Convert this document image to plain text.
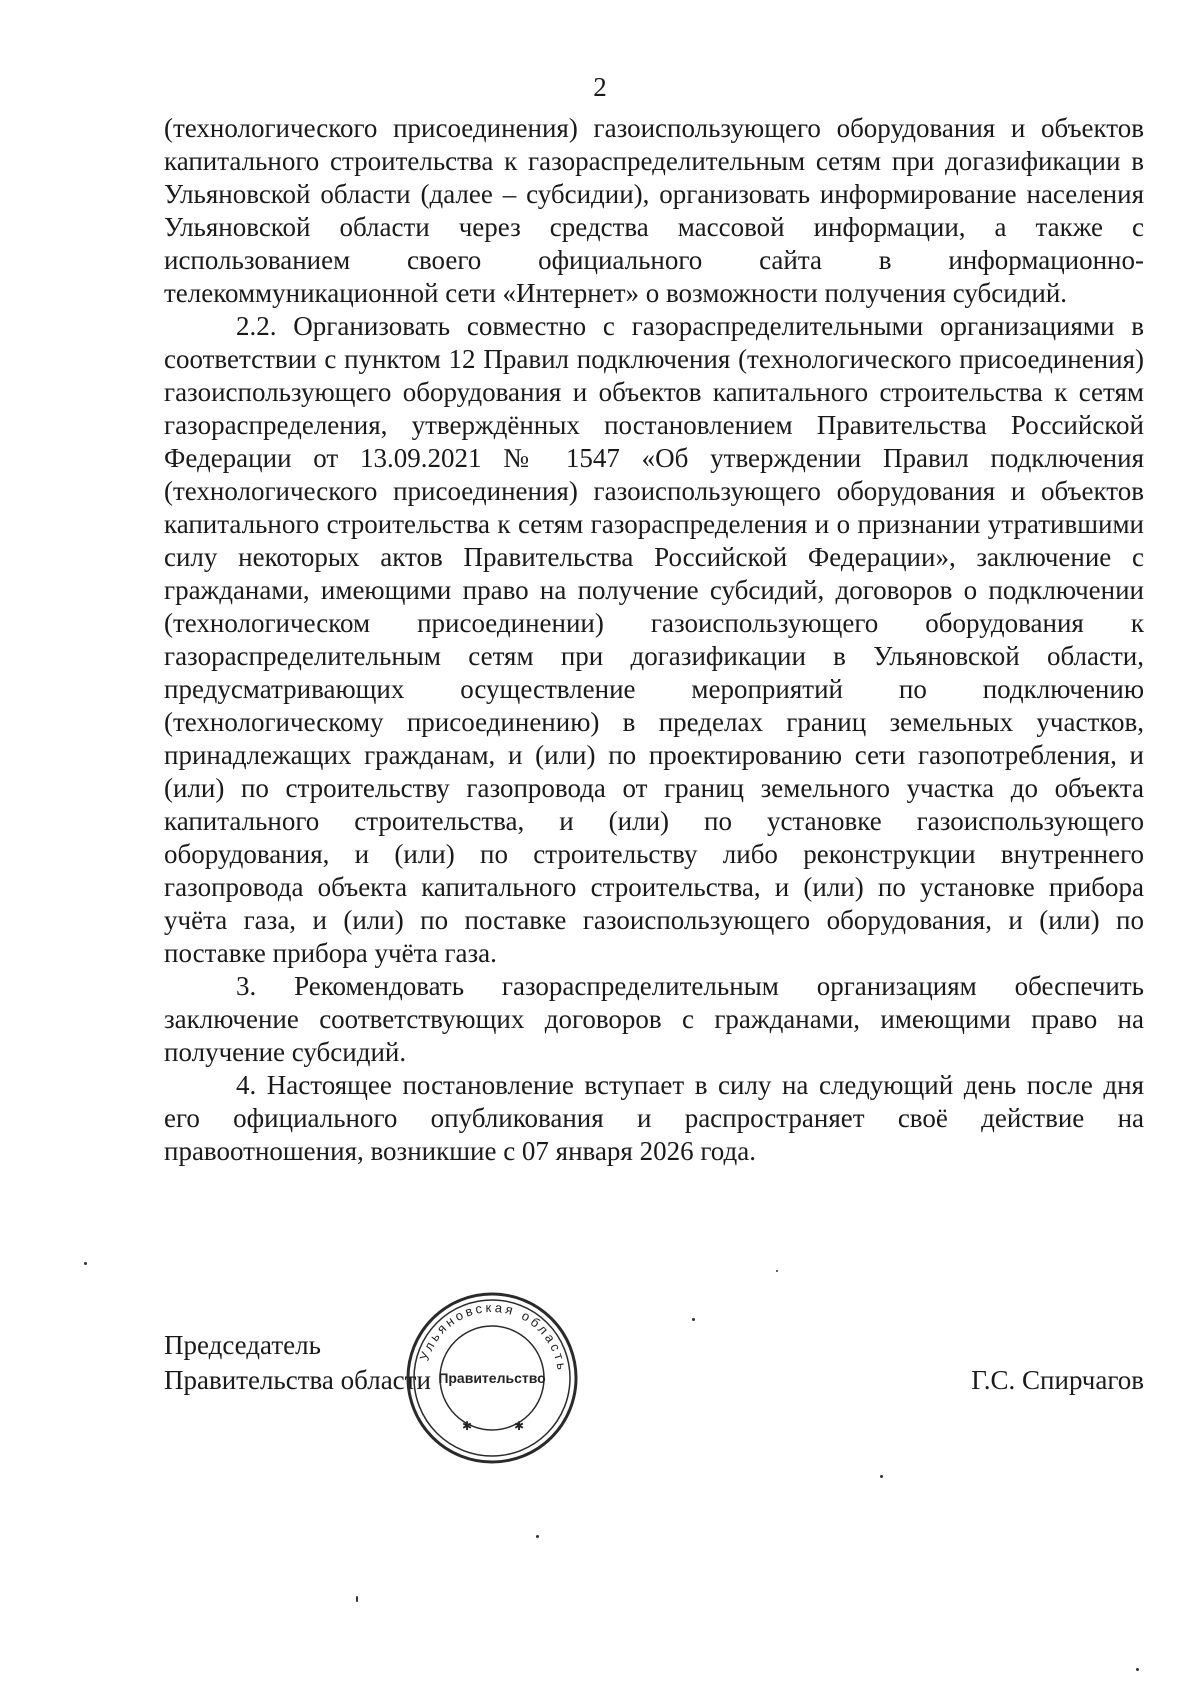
2

(технологического присоединения) газоиспользующего оборудования и объектов капитального строительства к газораспределительным сетям при догазификации в Ульяновской области (далее – субсидии), организовать информирование населения Ульяновской области через средства массовой информации, а также с использованием своего официального сайта в информационно-телекоммуникационной сети «Интернет» о возможности получения субсидий.

2.2. Организовать совместно с газораспределительными организациями в соответствии с пунктом 12 Правил подключения (технологического присоединения) газоиспользующего оборудования и объектов капитального строительства к сетям газораспределения, утверждённых постановлением Правительства Российской Федерации от 13.09.2021 № 1547 «Об утверждении Правил подключения (технологического присоединения) газоиспользующего оборудования и объектов капитального строительства к сетям газораспределения и о признании утратившими силу некоторых актов Правительства Российской Федерации», заключение с гражданами, имеющими право на получение субсидий, договоров о подключении (технологическом присоединении) газоиспользующего оборудования к газораспределительным сетям при догазификации в Ульяновской области, предусматривающих осуществление мероприятий по подключению (технологическому присоединению) в пределах границ земельных участков, принадлежащих гражданам, и (или) по проектированию сети газопотребления, и (или) по строительству газопровода от границ земельного участка до объекта капитального строительства, и (или) по установке газоиспользующего оборудования, и (или) по строительству либо реконструкции внутреннего газопровода объекта капитального строительства, и (или) по установке прибора учёта газа, и (или) по поставке газоиспользующего оборудования, и (или) по поставке прибора учёта газа.

3. Рекомендовать газораспределительным организациям обеспечить заключение соответствующих договоров с гражданами, имеющими право на получение субсидий.

4. Настоящее постановление вступает в силу на следующий день после дня его официального опубликования и распространяет своё действие на правоотношения, возникшие с 07 января 2026 года.

Председатель
Правительства области	Г.С. Спирчагов
Ульяновская область
Правительство
✱	✱
